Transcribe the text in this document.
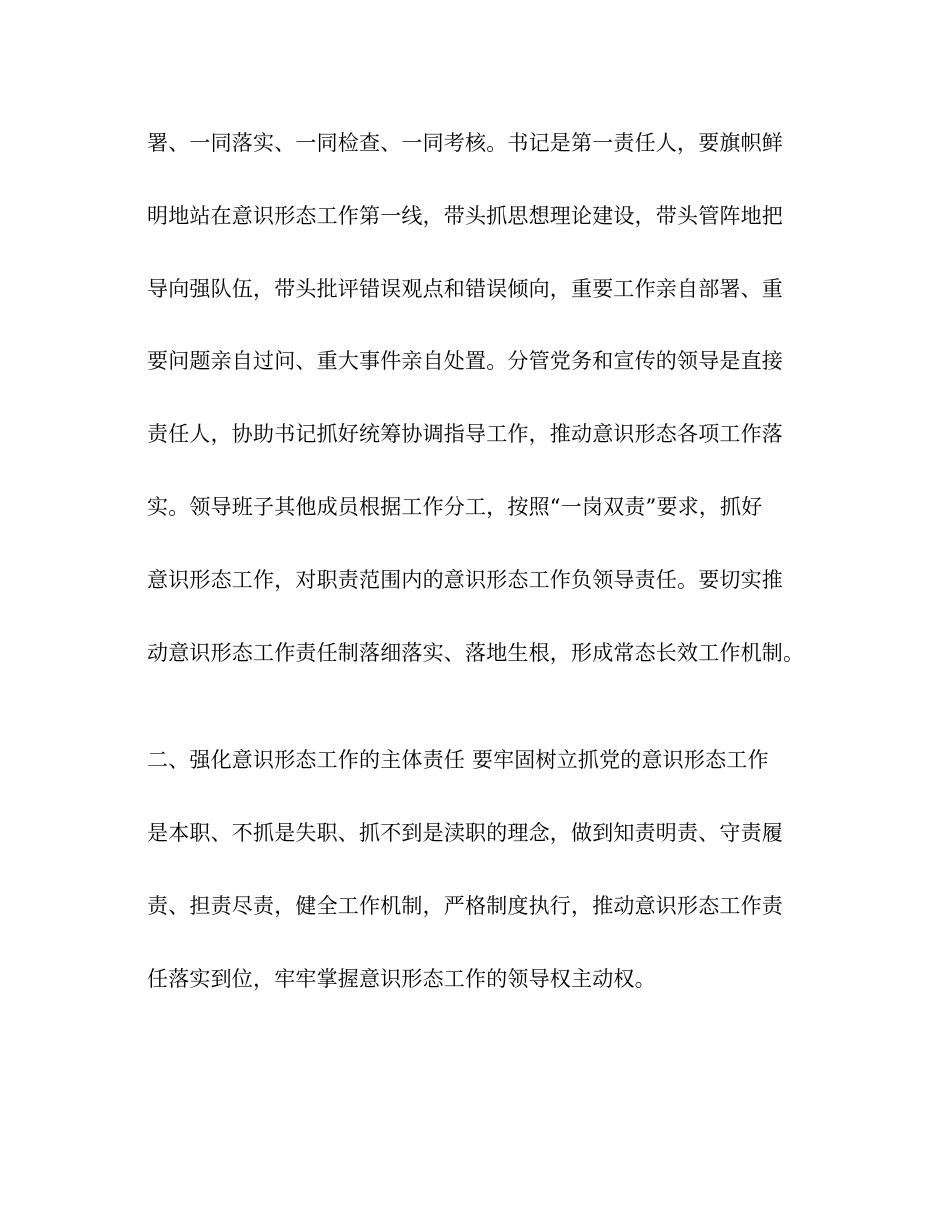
署、一同落实、一同检查、一同考核。书记是第一责任人，要旗帜鲜
明地站在意识形态工作第一线，带头抓思想理论建设，带头管阵地把
导向强队伍，带头批评错误观点和错误倾向，重要工作亲自部署、重
要问题亲自过问、重大事件亲自处置。分管党务和宣传的领导是直接
责任人，协助书记抓好统筹协调指导工作，推动意识形态各项工作落
实。领导班子其他成员根据工作分工，按照“一岗双责”要求，抓好
意识形态工作，对职责范围内的意识形态工作负领导责任。要切实推
动意识形态工作责任制落细落实、落地生根，形成常态长效工作机制。
二、强化意识形态工作的主体责任 要牢固树立抓党的意识形态工作
是本职、不抓是失职、抓不到是渎职的理念，做到知责明责、守责履
责、担责尽责，健全工作机制，严格制度执行，推动意识形态工作责
任落实到位，牢牢掌握意识形态工作的领导权主动权。
